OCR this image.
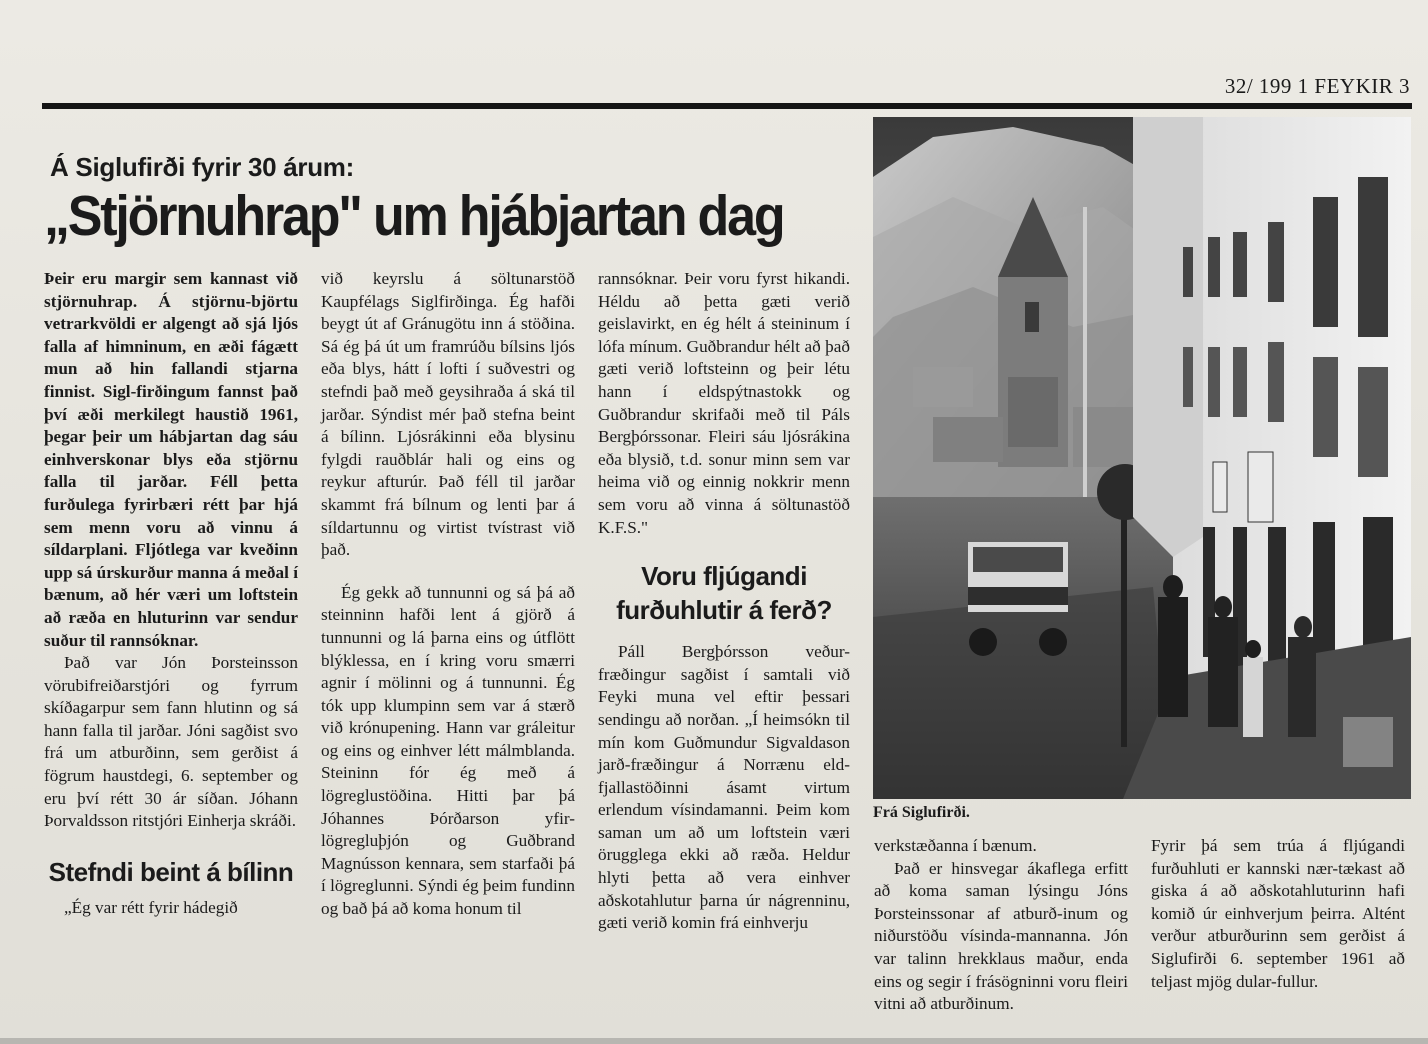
32/ 199 1 FEYKIR 3
Á Siglufirði fyrir 30 árum:
„Stjörnuhrap" um hjábjartan dag

Þeir eru margir sem kannast við stjörnuhrap. Á stjörnu-björtu vetrarkvöldi er algengt að sjá ljós falla af himninum, en æði fágætt mun að hin fallandi stjarna finnist. Sigl-firðingum fannst það því æði merkilegt haustið 1961, þegar þeir um hábjartan dag sáu einhverskonar blys eða stjörnu falla til jarðar. Féll þetta furðulega fyrirbæri rétt þar hjá sem menn voru að vinnu á síldarplani. Fljótlega var kveðinn upp sá úrskurður manna á meðal í bænum, að hér væri um loftstein að ræða en hluturinn var sendur suður til rannsóknar.

Það var Jón Þorsteinsson vörubifreiðarstjóri og fyrrum skíðagarpur sem fann hlutinn og sá hann falla til jarðar. Jóni sagðist svo frá um atburðinn, sem gerðist á fögrum haustdegi, 6. september og eru því rétt 30 ár síðan. Jóhann Þorvaldsson ritstjóri Einherja skráði.

Stefndi beint á bílinn

„Ég var rétt fyrir hádegið

við keyrslu á söltunarstöð Kaupfélags Siglfirðinga. Ég hafði beygt út af Gránugötu inn á stöðina. Sá ég þá út um framrúðu bílsins ljós eða blys, hátt í lofti í suðvestri og stefndi það með geysihraða á ská til jarðar. Sýndist mér það stefna beint á bílinn. Ljósrákinni eða blysinu fylgdi rauðblár hali og eins og reykur afturúr. Það féll til jarðar skammt frá bílnum og lenti þar á síldartunnu og virtist tvístrast við það.

Ég gekk að tunnunni og sá þá að steinninn hafði lent á gjörð á tunnunni og lá þarna eins og útflött blýklessa, en í kring voru smærri agnir í mölinni og á tunnunni. Ég tók upp klumpinn sem var á stærð við krónupening. Hann var gráleitur og eins og einhver létt málmblanda. Steininn fór ég með á lögreglustöðina. Hitti þar þá Jóhannes Þórðarson yfir-lögregluþjón og Guðbrand Magnússon kennara, sem starfaði þá í lögreglunni. Sýndi ég þeim fundinn og bað þá að koma honum til

rannsóknar. Þeir voru fyrst hikandi. Héldu að þetta gæti verið geislavirkt, en ég hélt á steininum í lófa mínum. Guðbrandur hélt að það gæti verið loftsteinn og þeir létu hann í eldspýtnastokk og Guðbrandur skrifaði með til Páls Bergþórssonar. Fleiri sáu ljósrákina eða blysið, t.d. sonur minn sem var heima við og einnig nokkrir menn sem voru að vinna á söltunastöð K.F.S."

Voru fljúgandi furðuhlutir á ferð?

Páll Bergþórsson veður-fræðingur sagðist í samtali við Feyki muna vel eftir þessari sendingu að norðan. „Í heimsókn til mín kom Guðmundur Sigvaldason jarð-fræðingur á Norrænu eld-fjallastöðinni ásamt virtum erlendum vísindamanni. Þeim kom saman um að um loftstein væri örugglega ekki að ræða. Heldur hlyti þetta að vera einhver aðskotahlutur þarna úr nágrenninu, gæti verið komin frá einhverju

Frá Siglufirði.

verkstæðanna í bænum.

Það er hinsvegar ákaflega erfitt að koma saman lýsingu Jóns Þorsteinssonar af atburð-inum og niðurstöðu vísinda-mannanna. Jón var talinn hrekklaus maður, enda eins og segir í frásögninni voru fleiri vitni að atburðinum.

Fyrir þá sem trúa á fljúgandi furðuhluti er kannski nær-tækast að giska á að aðskotahluturinn hafi komið úr einhverjum þeirra. Altént verður atburðurinn sem gerðist á Siglufirði 6. september 1961 að teljast mjög dular-fullur.
